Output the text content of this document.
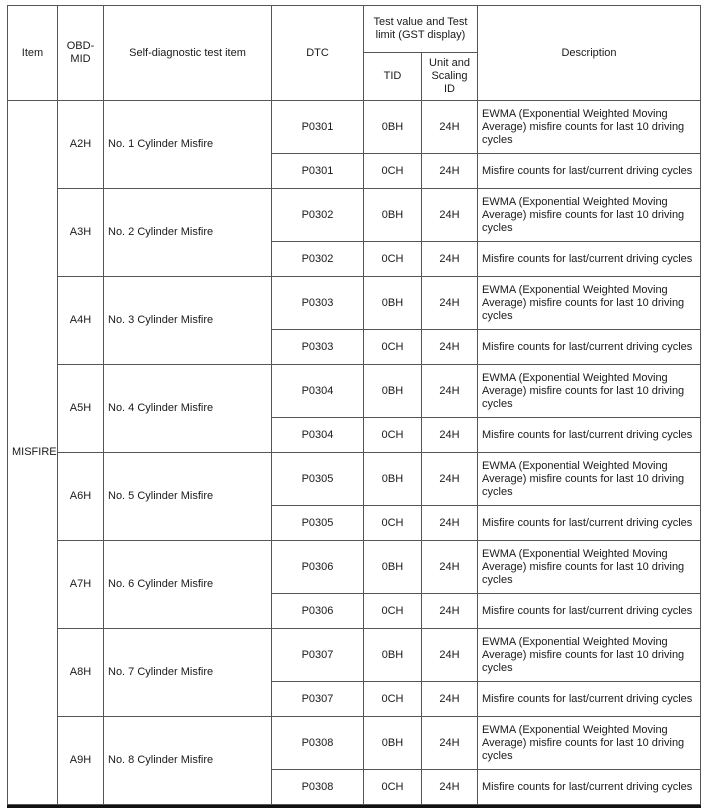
Item	OBD-MID	Self-diagnostic test item	DTC	Test value and Test limit (GST display)		Description
				TID	Unit and Scaling ID	
MISFIRE	A2H	No. 1 Cylinder Misfire	P0301	0BH	24H	EWMA (Exponential Weighted Moving Average) misfire counts for last 10 driving cycles
			P0301	0CH	24H	Misfire counts for last/current driving cycles
	A3H	No. 2 Cylinder Misfire	P0302	0BH	24H	EWMA (Exponential Weighted Moving Average) misfire counts for last 10 driving cycles
			P0302	0CH	24H	Misfire counts for last/current driving cycles
	A4H	No. 3 Cylinder Misfire	P0303	0BH	24H	EWMA (Exponential Weighted Moving Average) misfire counts for last 10 driving cycles
			P0303	0CH	24H	Misfire counts for last/current driving cycles
	A5H	No. 4 Cylinder Misfire	P0304	0BH	24H	EWMA (Exponential Weighted Moving Average) misfire counts for last 10 driving cycles
			P0304	0CH	24H	Misfire counts for last/current driving cycles
	A6H	No. 5 Cylinder Misfire	P0305	0BH	24H	EWMA (Exponential Weighted Moving Average) misfire counts for last 10 driving cycles
			P0305	0CH	24H	Misfire counts for last/current driving cycles
	A7H	No. 6 Cylinder Misfire	P0306	0BH	24H	EWMA (Exponential Weighted Moving Average) misfire counts for last 10 driving cycles
			P0306	0CH	24H	Misfire counts for last/current driving cycles
	A8H	No. 7 Cylinder Misfire	P0307	0BH	24H	EWMA (Exponential Weighted Moving Average) misfire counts for last 10 driving cycles
			P0307	0CH	24H	Misfire counts for last/current driving cycles
	A9H	No. 8 Cylinder Misfire	P0308	0BH	24H	EWMA (Exponential Weighted Moving Average) misfire counts for last 10 driving cycles
			P0308	0CH	24H	Misfire counts for last/current driving cycles
